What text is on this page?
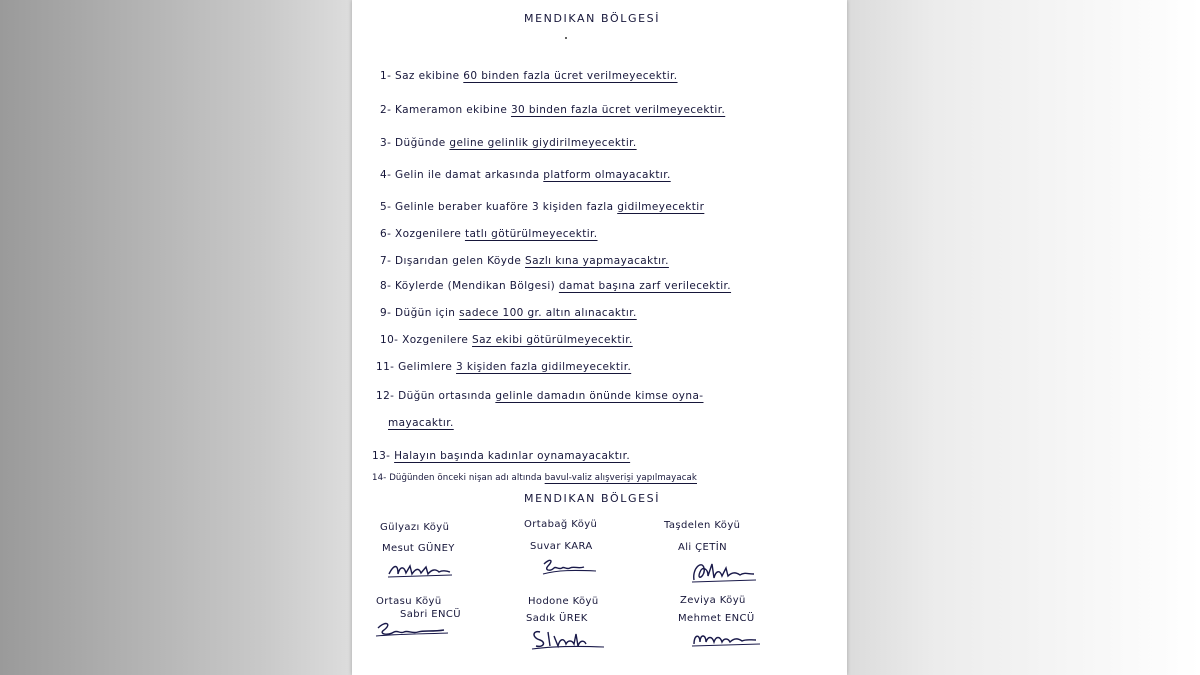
MENDIKAN BÖLGESİ
1- Saz ekibine 60 binden fazla ücret verilmeyecektir.
2- Kameramon ekibine 30 binden fazla ücret verilmeyecektir.
3- Düğünde geline gelinlik giydirilmeyecektir.
4- Gelin ile damat arkasında platform olmayacaktır.
5- Gelinle beraber kuaföre 3 kişiden fazla gidilmeyecektir
6- Xozgenilere tatlı götürülmeyecektir.
7- Dışarıdan gelen Köyde Sazlı kına yapmayacaktır.
8- Köylerde (Mendikan Bölgesi) damat başına zarf verilecektir.
9- Düğün için sadece 100 gr. altın alınacaktır.
10- Xozgenilere Saz ekibi götürülmeyecektir.
11- Gelimlere 3 kişiden fazla gidilmeyecektir.
12- Düğün ortasında gelinle damadın önünde kimse oyna-
mayacaktır.
13- Halayın başında kadınlar oynamayacaktır.
14- Düğünden önceki nişan adı altında bavul-valiz alışverişi yapılmayacak
MENDIKAN BÖLGESİ
Gülyazı Köyü
Mesut GÜNEY
Ortabağ Köyü
Suvar KARA
Taşdelen Köyü
Ali ÇETİN
Ortasu Köyü
Sabri ENCÜ
Hodone Köyü
Sadık ÜREK
Zeviya Köyü
Mehmet ENCÜ
